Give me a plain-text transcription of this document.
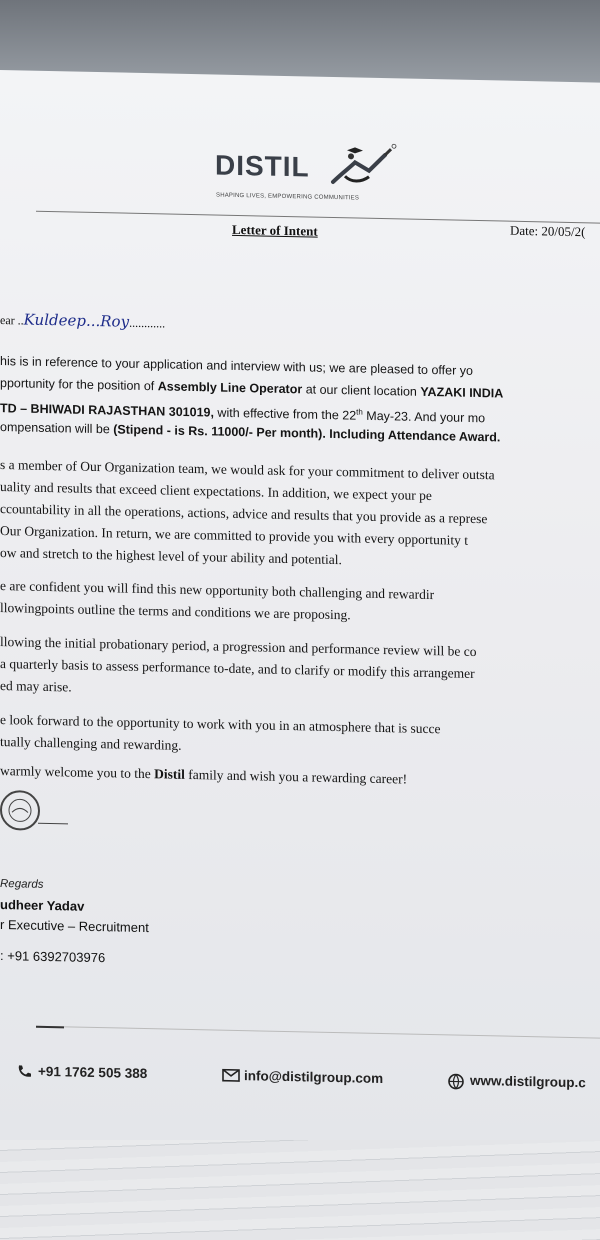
DISTIL
SHAPING LIVES, EMPOWERING COMMUNITIES
Letter of Intent	Date: 20/05/2(
ear ..Kuldeep...Roy............
his is in reference to your application and interview with us; we are pleased to offer yo
pportunity for the position of Assembly Line Operator at our client location YAZAKI INDIA
TD – BHIWADI RAJASTHAN 301019, with effective from the 22th May-23. And your mo
ompensation will be (Stipend - is Rs. 11000/- Per month). Including Attendance Award.
s a member of Our Organization team, we would ask for your commitment to deliver outsta
uality and results that exceed client expectations. In addition, we expect your pe
ccountability in all the operations, actions, advice and results that you provide as a represe
Our Organization. In return, we are committed to provide you with every opportunity t
ow and stretch to the highest level of your ability and potential.
e are confident you will find this new opportunity both challenging and rewardir
llowingpoints outline the terms and conditions we are proposing.
llowing the initial probationary period, a progression and performance review will be co
a quarterly basis to assess performance to-date, and to clarify or modify this arrangemer
ed may arise.
e look forward to the opportunity to work with you in an atmosphere that is succe
tually challenging and rewarding.
warmly welcome you to the Distil family and wish you a rewarding career!
Regards
udheer Yadav
r Executive – Recruitment
: +91 6392703976
+91 1762 505 388	info@distilgroup.com	www.distilgroup.c
